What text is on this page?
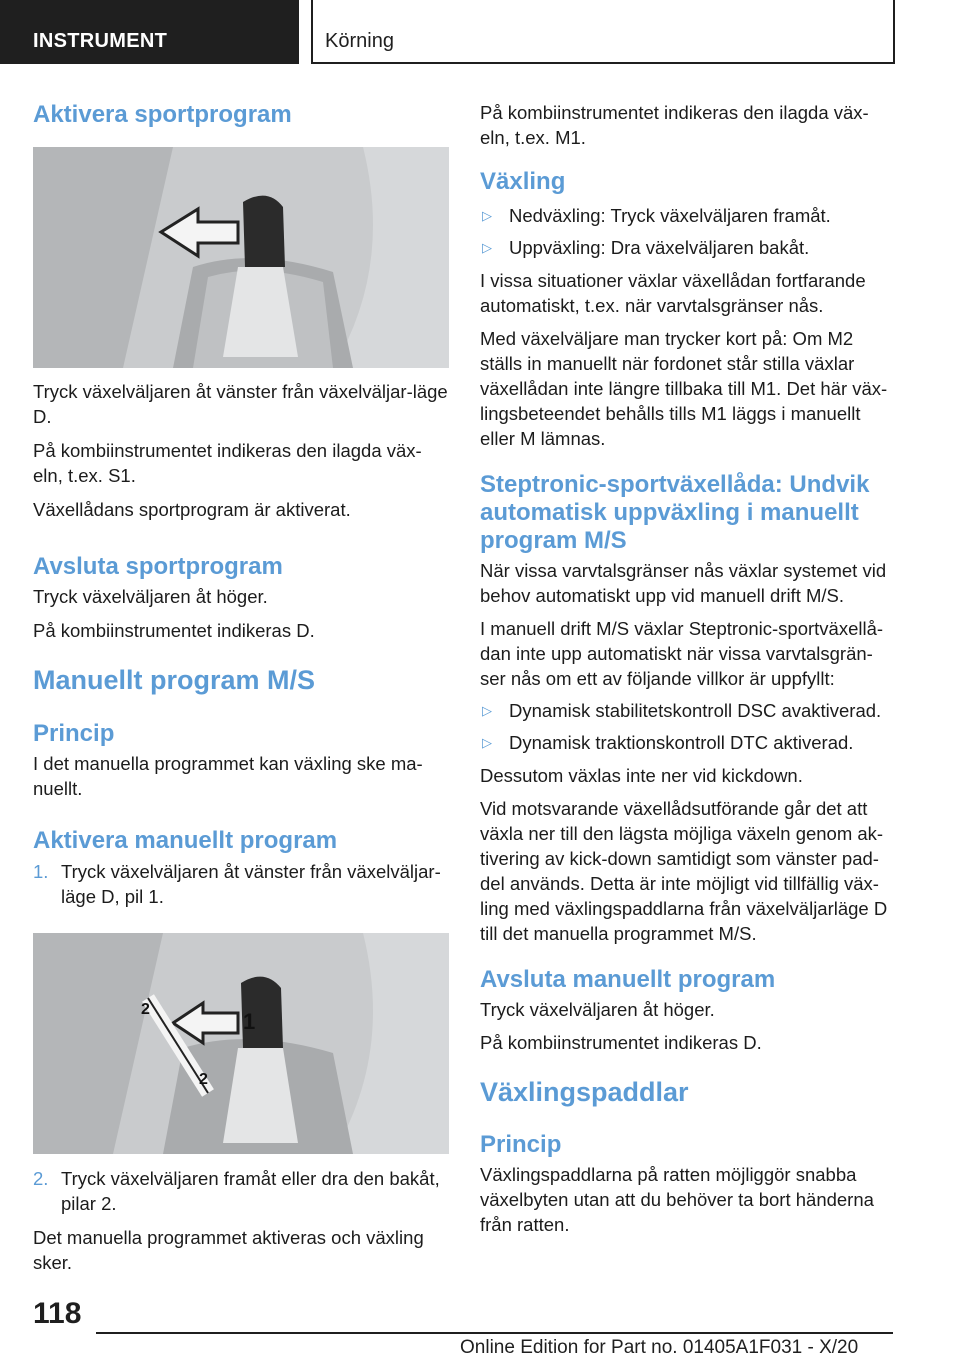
INSTRUMENT	Körning
Aktivera sportprogram

Tryck växelväljaren åt vänster från växelväljar-läge D.

På kombiinstrumentet indikeras den ilagda väx-eln, t.ex. S1.

Växellådans sportprogram är aktiverat.

Avsluta sportprogram

Tryck växelväljaren åt höger.

På kombiinstrumentet indikeras D.

Manuellt program M/S
Princip

I det manuella programmet kan växling ske ma-nuellt.

Aktivera manuellt program
1. Tryck växelväljaren åt vänster från växelväljar-läge D, pil 1.
1
2
2
2. Tryck växelväljaren framåt eller dra den bakåt, pilar 2.

Det manuella programmet aktiveras och växling sker.

På kombiinstrumentet indikeras den ilagda väx-eln, t.ex. M1.

Växling
▷ Nedväxling: Tryck växelväljaren framåt.
▷ Uppväxling: Dra växelväljaren bakåt.

I vissa situationer växlar växellådan fortfarande automatiskt, t.ex. när varvtalsgränser nås.

Med växelväljare man trycker kort på: Om M2 ställs in manuellt när fordonet står stilla växlar växellådan inte längre tillbaka till M1. Det här väx-lingsbeteendet behålls tills M1 läggs i manuellt eller M lämnas.

Steptronic-sportväxellåda: Undvik automatisk uppväxling i manuellt program M/S

När vissa varvtalsgränser nås växlar systemet vid behov automatiskt upp vid manuell drift M/S.

I manuell drift M/S växlar Steptronic-sportväxellå-dan inte upp automatiskt när vissa varvtalsgrän-ser nås om ett av följande villkor är uppfyllt:

▷ Dynamisk stabilitetskontroll DSC avaktiverad.
▷ Dynamisk traktionskontroll DTC aktiverad.

Dessutom växlas inte ner vid kickdown.

Vid motsvarande växellådsutförande går det att växla ner till den lägsta möjliga växeln genom ak-tivering av kick-down samtidigt som vänster pad-del används. Detta är inte möjligt vid tillfällig väx-ling med växlingspaddlarna från växelväljarläge D till det manuella programmet M/S.

Avsluta manuellt program

Tryck växelväljaren åt höger.

På kombiinstrumentet indikeras D.

Växlingspaddlar
Princip

Växlingspaddlarna på ratten möjliggör snabba växelbyten utan att du behöver ta bort händerna från ratten.

118
Online Edition for Part no. 01405A1F031 - X/20
